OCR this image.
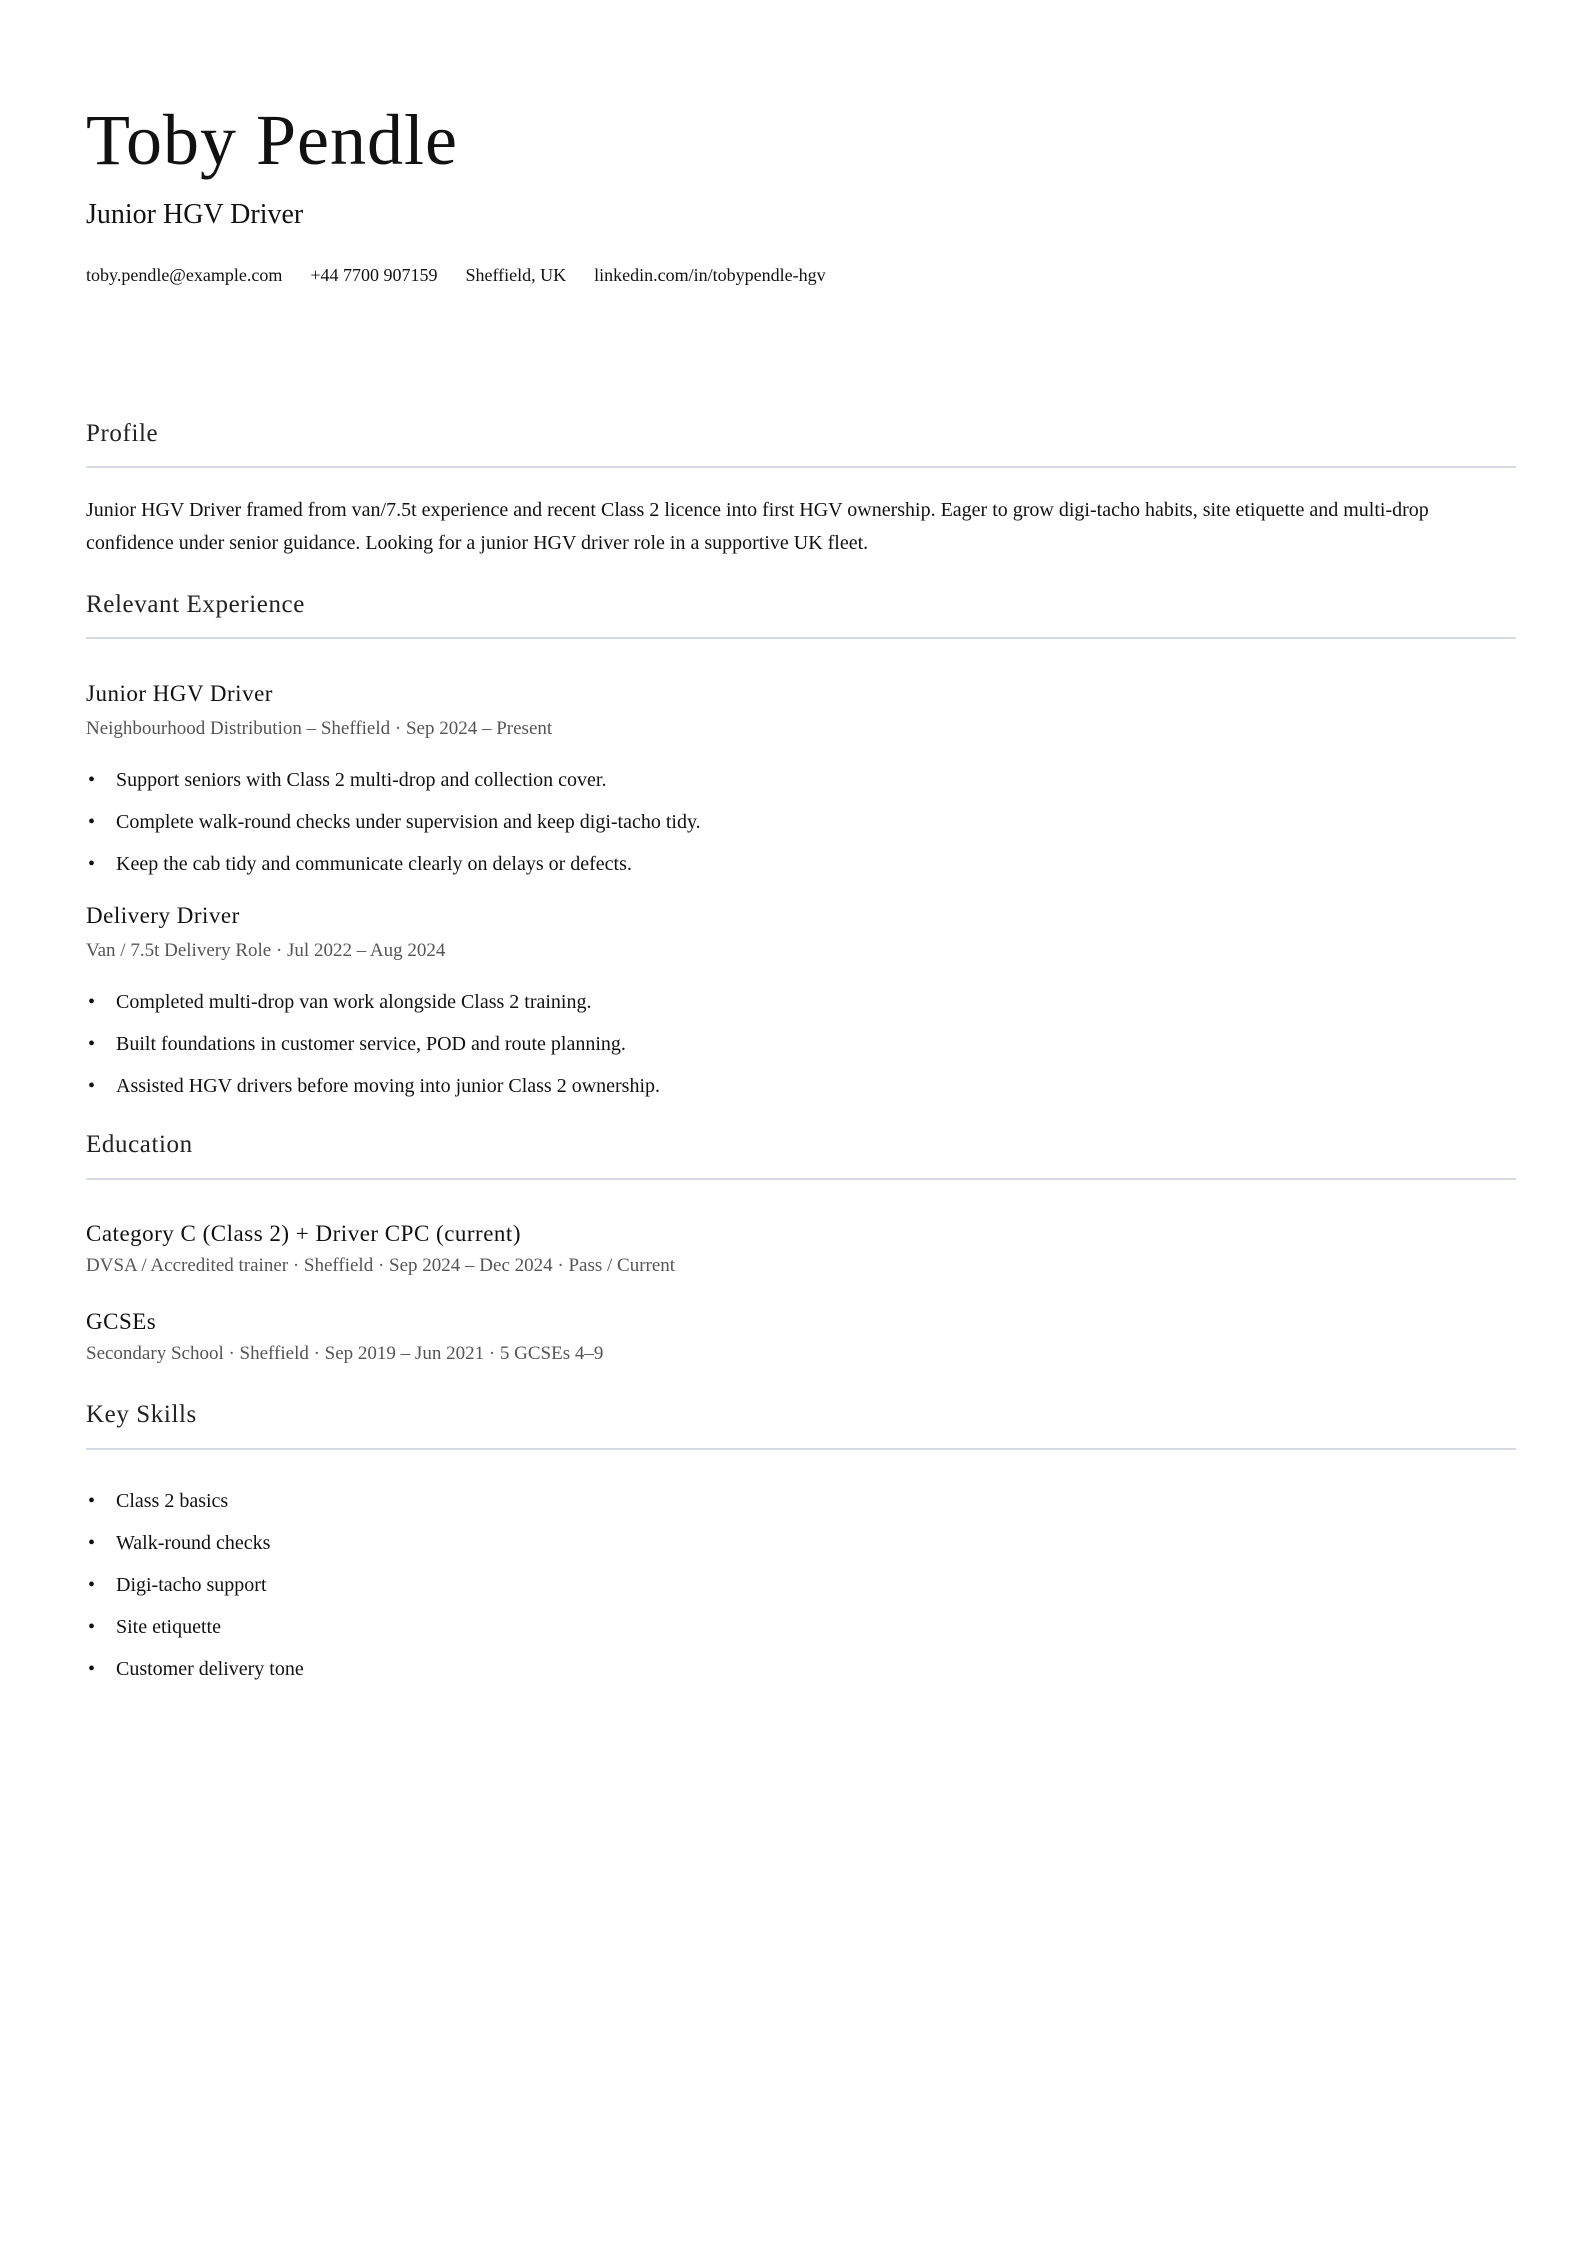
Toby Pendle
Junior HGV Driver
toby.pendle@example.com +44 7700 907159 Sheffield, UK linkedin.com/in/tobypendle-hgv
Profile
Junior HGV Driver framed from van/7.5t experience and recent Class 2 licence into first HGV ownership. Eager to grow digi-tacho habits, site etiquette and multi-drop confidence under senior guidance. Looking for a junior HGV driver role in a supportive UK fleet.
Relevant Experience
Junior HGV Driver
Neighbourhood Distribution – Sheffield · Sep 2024 – Present
• Support seniors with Class 2 multi-drop and collection cover.
• Complete walk-round checks under supervision and keep digi-tacho tidy.
• Keep the cab tidy and communicate clearly on delays or defects.
Delivery Driver
Van / 7.5t Delivery Role · Jul 2022 – Aug 2024
• Completed multi-drop van work alongside Class 2 training.
• Built foundations in customer service, POD and route planning.
• Assisted HGV drivers before moving into junior Class 2 ownership.
Education
Category C (Class 2) + Driver CPC (current)
DVSA / Accredited trainer · Sheffield · Sep 2024 – Dec 2024 · Pass / Current
GCSEs
Secondary School · Sheffield · Sep 2019 – Jun 2021 · 5 GCSEs 4–9
Key Skills
• Class 2 basics
• Walk-round checks
• Digi-tacho support
• Site etiquette
• Customer delivery tone
